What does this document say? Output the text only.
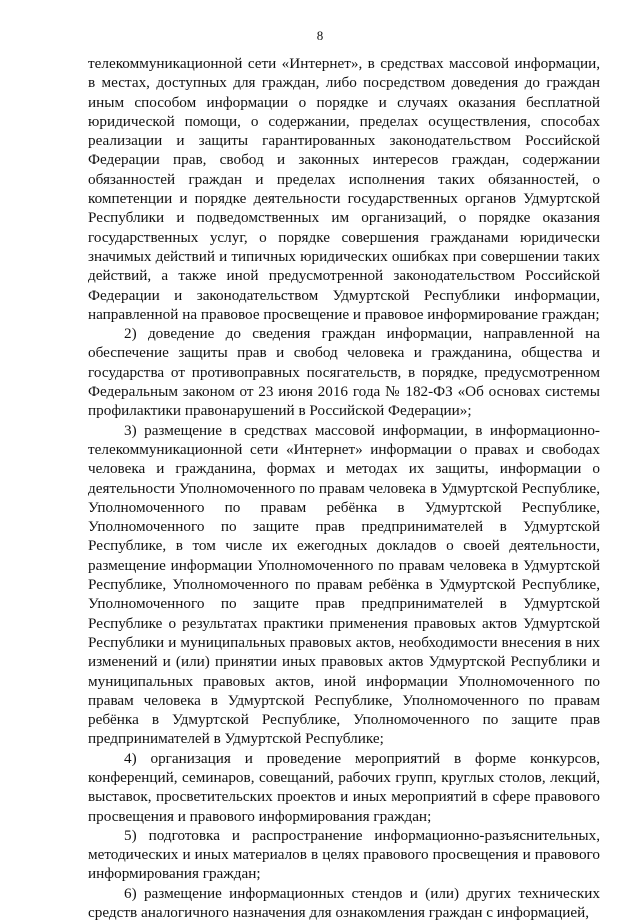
8

телекоммуникационной сети «Интернет», в средствах массовой информации, в местах, доступных для граждан, либо посредством доведения до граждан иным способом информации о порядке и случаях оказания бесплатной юридической помощи, о содержании, пределах осуществления, способах реализации и защиты гарантированных законодательством Российской Федерации прав, свобод и законных интересов граждан, содержании обязанностей граждан и пределах исполнения таких обязанностей, о компетенции и порядке деятельности государственных органов Удмуртской Республики и подведомственных им организаций, о порядке оказания государственных услуг, о порядке совершения гражданами юридически значимых действий и типичных юридических ошибках при совершении таких действий, а также иной предусмотренной законодательством Российской Федерации и законодательством Удмуртской Республики информации, направленной на правовое просвещение и правовое информирование граждан;

2) доведение до сведения граждан информации, направленной на обеспечение защиты прав и свобод человека и гражданина, общества и государства от противоправных посягательств, в порядке, предусмотренном Федеральным законом от 23 июня 2016 года № 182-ФЗ «Об основах системы профилактики правонарушений в Российской Федерации»;

3) размещение в средствах массовой информации, в информационно-телекоммуникационной сети «Интернет» информации о правах и свободах человека и гражданина, формах и методах их защиты, информации о деятельности Уполномоченного по правам человека в Удмуртской Республике, Уполномоченного по правам ребёнка в Удмуртской Республике, Уполномоченного по защите прав предпринимателей в Удмуртской Республике, в том числе их ежегодных докладов о своей деятельности, размещение информации Уполномоченного по правам человека в Удмуртской Республике, Уполномоченного по правам ребёнка в Удмуртской Республике, Уполномоченного по защите прав предпринимателей в Удмуртской Республике о результатах практики применения правовых актов Удмуртской Республики и муниципальных правовых актов, необходимости внесения в них изменений и (или) принятии иных правовых актов Удмуртской Республики и муниципальных правовых актов, иной информации Уполномоченного по правам человека в Удмуртской Республике, Уполномоченного по правам ребёнка в Удмуртской Республике, Уполномоченного по защите прав предпринимателей в Удмуртской Республике;

4) организация и проведение мероприятий в форме конкурсов, конференций, семинаров, совещаний, рабочих групп, круглых столов, лекций, выставок, просветительских проектов и иных мероприятий в сфере правового просвещения и правового информирования граждан;

5) подготовка и распространение информационно-разъяснительных, методических и иных материалов в целях правового просвещения и правового информирования граждан;

6) размещение информационных стендов и (или) других технических средств аналогичного назначения для ознакомления граждан с информацией,
